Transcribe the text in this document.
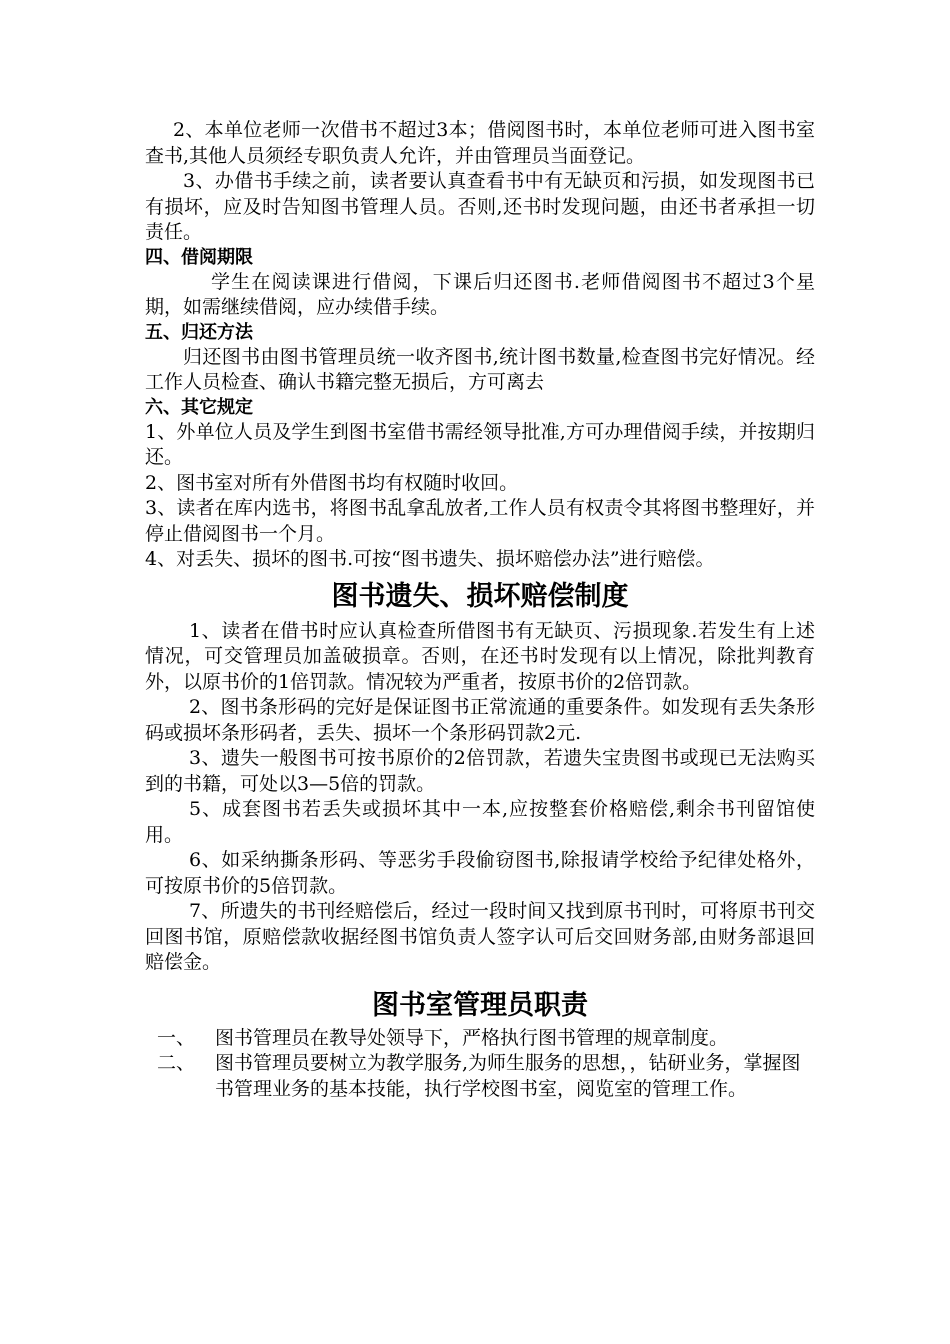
2、本单位老师一次借书不超过3本；借阅图书时，本单位老师可进入图书室查书,其他人员须经专职负责人允许，并由管理员当面登记。

3、办借书手续之前，读者要认真查看书中有无缺页和污损，如发现图书已有损坏，应及时告知图书管理人员。否则,还书时发现问题，由还书者承担一切责任。

四、借阅期限

学生在阅读课进行借阅，下课后归还图书.老师借阅图书不超过3个星期，如需继续借阅，应办续借手续。

五、归还方法

归还图书由图书管理员统一收齐图书,统计图书数量,检查图书完好情况。经工作人员检查、确认书籍完整无损后，方可离去

六、其它规定

1、外单位人员及学生到图书室借书需经领导批准,方可办理借阅手续，并按期归还。

2、图书室对所有外借图书均有权随时收回。

3、读者在库内选书，将图书乱拿乱放者,工作人员有权责令其将图书整理好，并停止借阅图书一个月。

4、对丢失、损坏的图书.可按“图书遗失、损坏赔偿办法”进行赔偿。

图书遗失、损坏赔偿制度

1、读者在借书时应认真检查所借图书有无缺页、污损现象.若发生有上述情况，可交管理员加盖破损章。否则，在还书时发现有以上情况，除批判教育外，以原书价的1倍罚款。情况较为严重者，按原书价的2倍罚款。

2、图书条形码的完好是保证图书正常流通的重要条件。如发现有丢失条形码或损坏条形码者，丢失、损坏一个条形码罚款2元.

3、遗失一般图书可按书原价的2倍罚款，若遗失宝贵图书或现已无法购买到的书籍，可处以3—5倍的罚款。

5、成套图书若丢失或损坏其中一本,应按整套价格赔偿,剩余书刊留馆使用。

6、如采纳撕条形码、等恶劣手段偷窃图书,除报请学校给予纪律处格外，可按原书价的5倍罚款。

7、所遗失的书刊经赔偿后，经过一段时间又找到原书刊时，可将原书刊交回图书馆，原赔偿款收据经图书馆负责人签字认可后交回财务部,由财务部退回赔偿金。

图书室管理员职责
一、	图书管理员在教导处领导下，严格执行图书管理的规章制度。
二、	图书管理员要树立为教学服务,为师生服务的思想，，钻研业务，掌握图书管理业务的基本技能，执行学校图书室，阅览室的管理工作。
